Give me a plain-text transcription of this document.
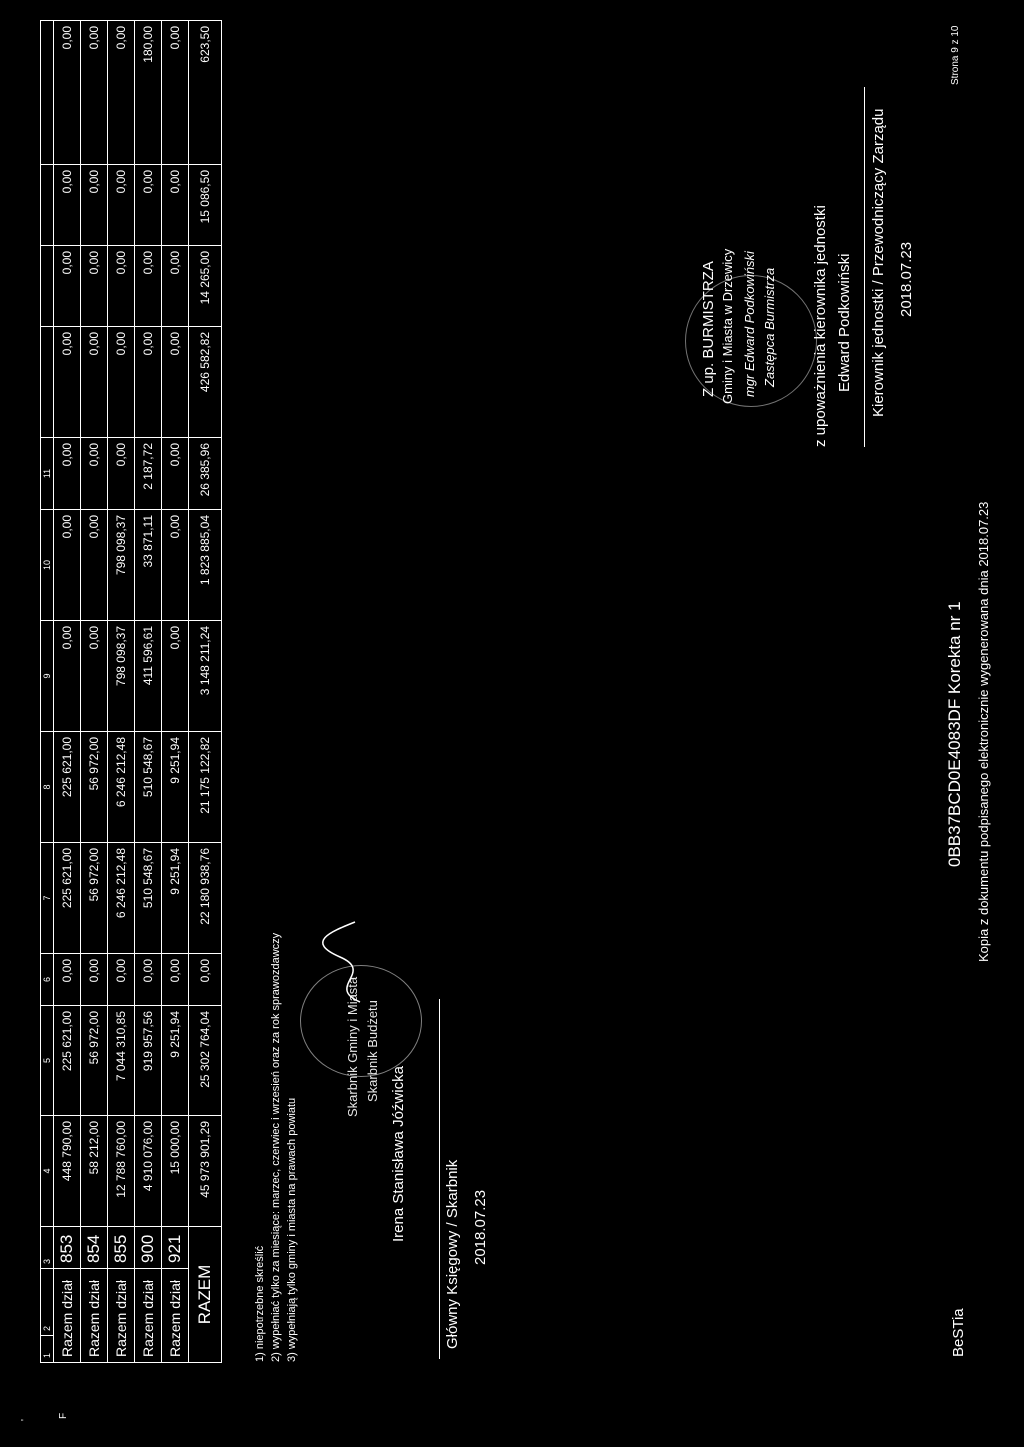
F
'
1	2	3	4	5	6	7	8	9	10	11				
Razem dział		853	448 790,00	225 621,00	0,00	225 621,00	225 621,00	0,00	0,00	0,00	0,00	0,00	0,00	0,00
Razem dział		854	58 212,00	56 972,00	0,00	56 972,00	56 972,00	0,00	0,00	0,00	0,00	0,00	0,00	0,00
Razem dział		855	12 788 760,00	7 044 310,85	0,00	6 246 212,48	6 246 212,48	798 098,37	798 098,37	0,00	0,00	0,00	0,00	0,00
Razem dział		900	4 910 076,00	919 957,56	0,00	510 548,67	510 548,67	411 596,61	33 871,11	2 187,72	0,00	0,00	0,00	180,00
Razem dział		921	15 000,00	9 251,94	0,00	9 251,94	9 251,94	0,00	0,00	0,00	0,00	0,00	0,00	0,00
RAZEM			45 973 901,29	25 302 764,04	0,00	22 180 938,76	21 175 122,82	3 148 211,24	1 823 885,04	26 385,96	426 582,82	14 265,00	15 086,50	623,50
1) niepotrzebne skreślić 2) wypełniać tylko za miesiące: marzec, czerwiec i wrzesień oraz za rok sprawozdawczy 3) wypełniają tylko gminy i miasta na prawach powiatu
Skarbnik Gminy i Miasta Skarbnik Budżetu
Irena Stanisława Jóźwicka
Główny Księgowy / Skarbnik 2018.07.23
Z up. BURMISTRZA Gminy i Miasta w Drzewicy mgr Edward Podkowiński Zastępca Burmistrza z upoważnienia kierownika jednostki Edward Podkowiński Kierownik jednostki / Przewodniczący Zarządu 2018.07.23
BeSTia
0BB37BCD0E4083DF Korekta nr 1 Kopia z dokumentu podpisanego elektronicznie wygenerowana dnia 2018.07.23
Strona 9 z 10
